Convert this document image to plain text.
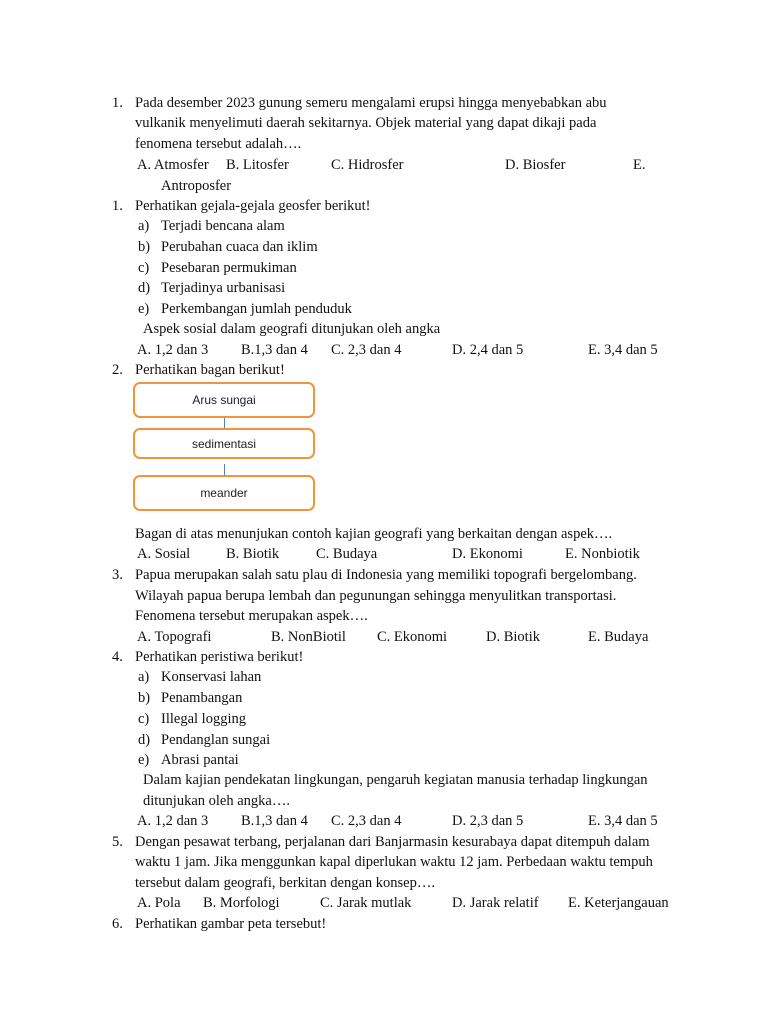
1. Pada desember 2023 gunung semeru mengalami erupsi hingga menyebabkan abu
vulkanik menyelimuti daerah sekitarnya. Objek material yang dapat dikaji pada
fenomena tersebut adalah….
A. Atmosfer B. Litosfer	C. Hidrosfer	D. Biosfer	E.
Antroposfer
1. Perhatikan gejala-gejala geosfer berikut!
a) Terjadi bencana alam
b) Perubahan cuaca dan iklim
c) Pesebaran permukiman
d) Terjadinya urbanisasi
e) Perkembangan jumlah penduduk
Aspek sosial dalam geografi ditunjukan oleh angka
A. 1,2 dan 3 B.1,3 dan 4 C. 2,3 dan 4	D. 2,4 dan 5	E. 3,4 dan 5
2. Perhatikan bagan berikut!
Arus sungai
sedimentasi
meander
Bagan di atas menunjukan contoh kajian geografi yang berkaitan dengan aspek….
A. Sosial B. Biotik	C. Budaya	D. Ekonomi	E. Nonbiotik
3. Papua merupakan salah satu plau di Indonesia yang memiliki topografi bergelombang.
Wilayah papua berupa lembah dan pegunungan sehingga menyulitkan transportasi.
Fenomena tersebut merupakan aspek….
A. Topografi	B. NonBiotil C. Ekonomi	D. Biotik	E. Budaya
4. Perhatikan peristiwa berikut!
a) Konservasi lahan
b) Penambangan
c) Illegal logging
d) Pendanglan sungai
e) Abrasi pantai
Dalam kajian pendekatan lingkungan, pengaruh kegiatan manusia terhadap lingkungan
ditunjukan oleh angka….
A. 1,2 dan 3 B.1,3 dan 4 C. 2,3 dan 4	D. 2,3 dan 5	E. 3,4 dan 5
5. Dengan pesawat terbang, perjalanan dari Banjarmasin kesurabaya dapat ditempuh dalam
waktu 1 jam. Jika menggunkan kapal diperlukan waktu 12 jam. Perbedaan waktu tempuh
tersebut dalam geografi, berkitan dengan konsep….
A. Pola B. Morfologi	C. Jarak mutlak	D. Jarak relatif E. Keterjangauan
6. Perhatikan gambar peta tersebut!
